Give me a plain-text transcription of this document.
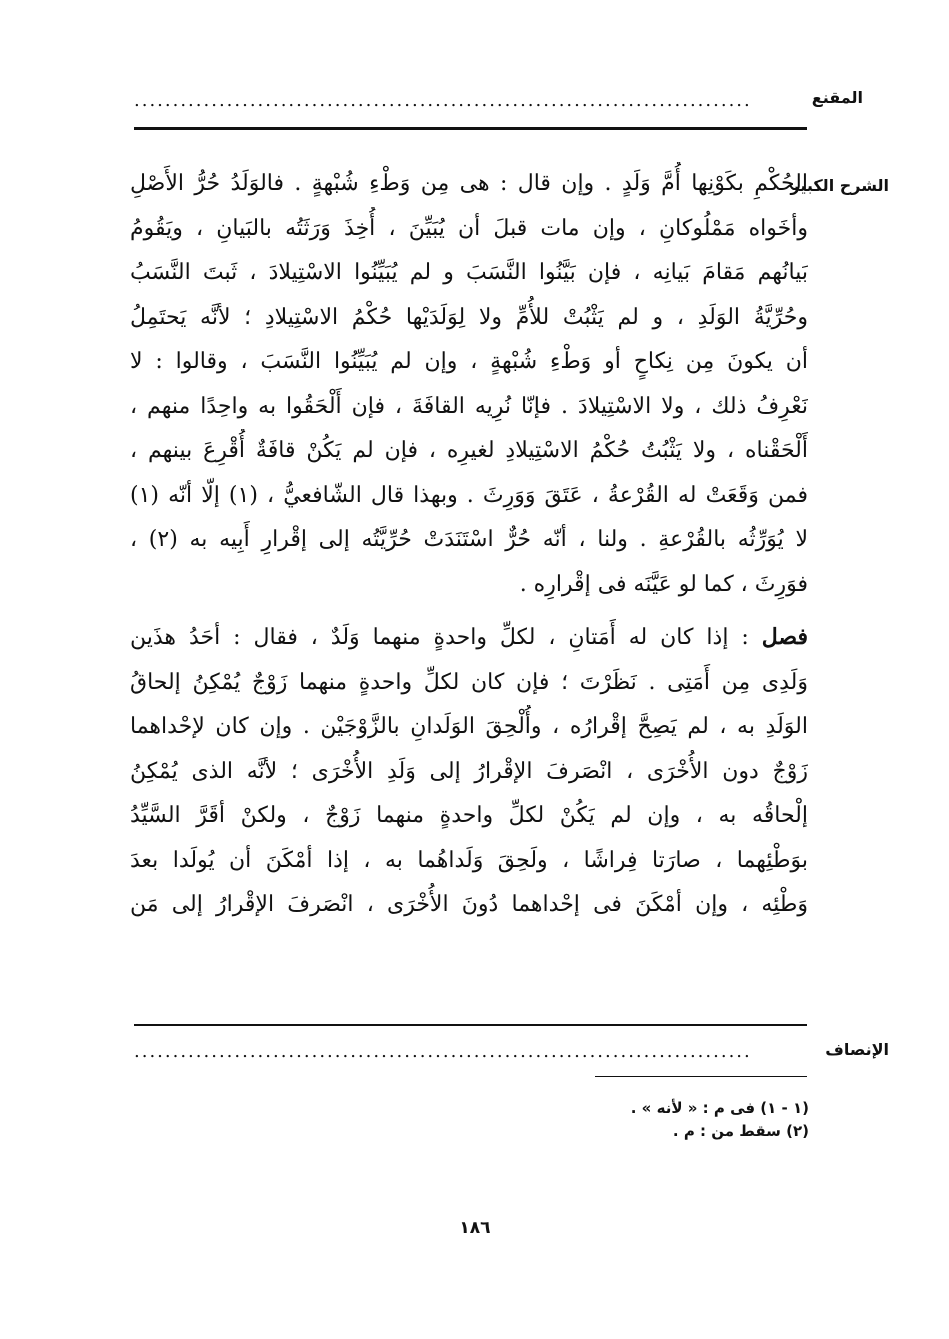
المقنع
................................................................................
الشرح الكبير
الإنصاف
الحُكْمِ بكَوْنِها أُمَّ وَلَدٍ . وإن قال : هى مِن وَطْءِ شُبْهةٍ . فالوَلَدُ حُرُّ الأَصْلِ
وأخَواه مَمْلُوكانِ ، وإن مات قبلَ أن يُبَيِّنَ ، أُخِذَ وَرَثَتُه بالبَيانِ ، ويَقُومُ
بَيانُهم مَقامَ بَيانِه ، فإن بَيَّنُوا النَّسَبَ و لم يُبَيِّنُوا الاسْتِيلادَ ، ثَبتَ النَّسَبُ
وحُرِّيَّةُ الوَلَدِ ، و لم يَثْبُتْ للأُمِّ ولا لِوَلَدَيْها حُكْمُ الاسْتِيلادِ ؛ لأنَّه يَحتَمِلُ
أن يكونَ مِن نِكاحٍ أو وَطْءِ شُبْهةٍ ، وإن لم يُبَيِّنُوا النَّسَبَ ، وقالوا : لا
نَعْرِفُ ذلك ، ولا الاسْتِيلادَ . فإنّا نُرِيه القافَةَ ، فإن أَلْحَقُوا به واحِدًا منهم ،
أَلْحَقْناه ، ولا يَثْبُتُ حُكْمُ الاسْتِيلادِ لغيرِه ، فإن لم يَكُنْ قافَةٌ أُقْرِعَ بينهم ،
فمن وَقَعَتْ له القُرْعةُ ، عَتَقَ وَوَرِثَ . وبهذا قال الشّافعيُّ ، (١) إلّا أنّه (١)
لا يُوَرِّثُه بالقُرْعةِ . ولنا ، أنّه حُرٌّ اسْتَنَدَتْ حُرِّيَّتُه إلى إقْرارِ أَبِيه به (٢) ،
فوَرِثَ ، كما لو عَيَّنَه فى إقْرارِه .
فصل : إذا كان له أَمَتانِ ، لكلِّ واحدةٍ منهما وَلَدٌ ، فقال : أحَدُ هذَين
وَلَدِى مِن أَمَتِى . نَظَرْتَ ؛ فإن كان لكلِّ واحدةٍ منهما زَوْجٌ يُمْكِنُ إلحاقُ
الوَلَدِ به ، لم يَصِحَّ إقْرارُه ، وأُلْحِقَ الوَلَدانِ بالزَّوْجَيْن . وإن كان لإحْداهما
زَوْجٌ دون الأُخْرَى ، انْصَرفَ الإقْرارُ إلى وَلَدِ الأُخْرَى ؛ لأنَّه الذى يُمْكِنُ
إلْحاقُه به ، وإن لم يَكُنْ لكلِّ واحدةٍ منهما زَوْجٌ ، ولكنْ أقَرَّ السَّيِّدُ
بوَطْئِهما ، صارَتا فِراشًا ، ولَحِقَ وَلَداهُما به ، إذا أمْكَنَ أن يُولَدا بعدَ
وَطْئِه ، وإن أمْكَنَ فى إحْداهما دُونَ الأُخْرَى ، انْصَرفَ الإقْرارُ إلى مَن
................................................................................
(١ - ١) فى م : « لأنه » .
(٢) سقط من : م .
١٨٦
